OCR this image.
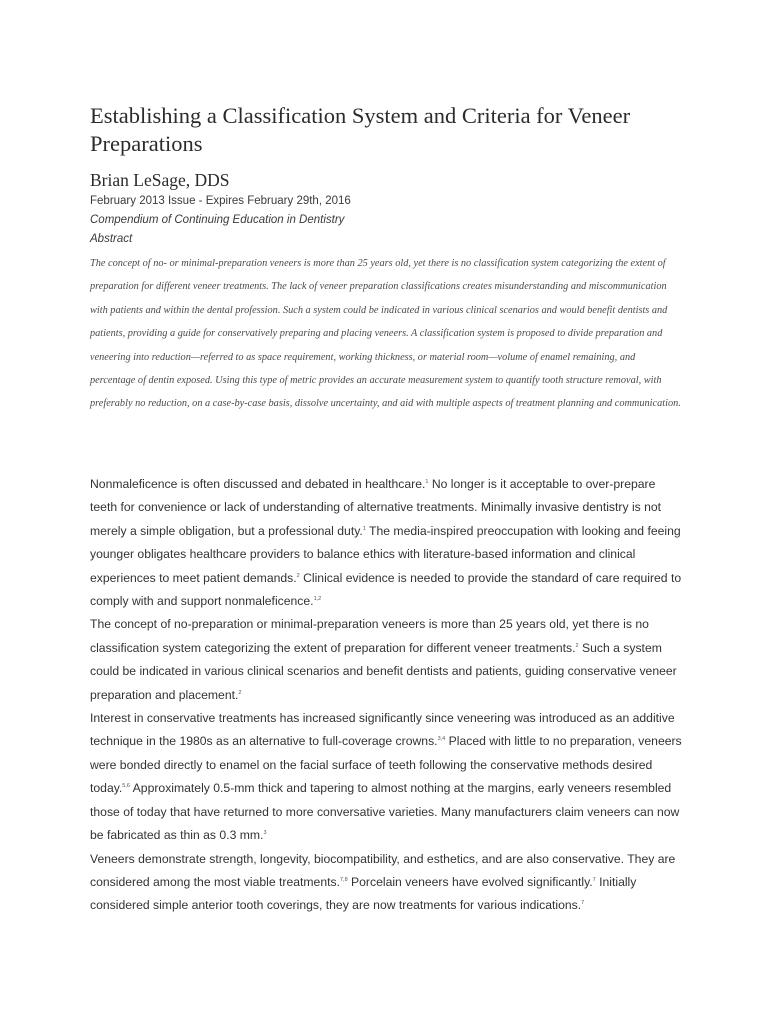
Establishing a Classification System and Criteria for Veneer Preparations
Brian LeSage, DDS
February 2013 Issue - Expires February 29th, 2016
Compendium of Continuing Education in Dentistry
Abstract

The concept of no- or minimal-preparation veneers is more than 25 years old, yet there is no classification system categorizing the extent of preparation for different veneer treatments. The lack of veneer preparation classifications creates misunderstanding and miscommunication with patients and within the dental profession. Such a system could be indicated in various clinical scenarios and would benefit dentists and patients, providing a guide for conservatively preparing and placing veneers. A classification system is proposed to divide preparation and veneering into reduction—referred to as space requirement, working thickness, or material room—volume of enamel remaining, and percentage of dentin exposed. Using this type of metric provides an accurate measurement system to quantify tooth structure removal, with preferably no reduction, on a case-by-case basis, dissolve uncertainty, and aid with multiple aspects of treatment planning and communication.

Nonmaleficence is often discussed and debated in healthcare.$^1$ No longer is it acceptable to over-prepare teeth for convenience or lack of understanding of alternative treatments. Minimally invasive dentistry is not merely a simple obligation, but a professional duty.$^1$ The media-inspired preoccupation with looking and feeing younger obligates healthcare providers to balance ethics with literature-based information and clinical experiences to meet patient demands.$^2$ Clinical evidence is needed to provide the standard of care required to comply with and support nonmaleficence.$^{1,2}$

The concept of no-preparation or minimal-preparation veneers is more than 25 years old, yet there is no classification system categorizing the extent of preparation for different veneer treatments.$^2$ Such a system could be indicated in various clinical scenarios and benefit dentists and patients, guiding conservative veneer preparation and placement.$^2$

Interest in conservative treatments has increased significantly since veneering was introduced as an additive technique in the 1980s as an alternative to full-coverage crowns.$^{3,4}$ Placed with little to no preparation, veneers were bonded directly to enamel on the facial surface of teeth following the conservative methods desired today.$^{5,6}$ Approximately 0.5-mm thick and tapering to almost nothing at the margins, early veneers resembled those of today that have returned to more conversative varieties. Many manufacturers claim veneers can now be fabricated as thin as 0.3 mm.$^3$

Veneers demonstrate strength, longevity, biocompatibility, and esthetics, and are also conservative. They are considered among the most viable treatments.$^{7,8}$ Porcelain veneers have evolved significantly.$^7$ Initially considered simple anterior tooth coverings, they are now treatments for various indications.$^7$
